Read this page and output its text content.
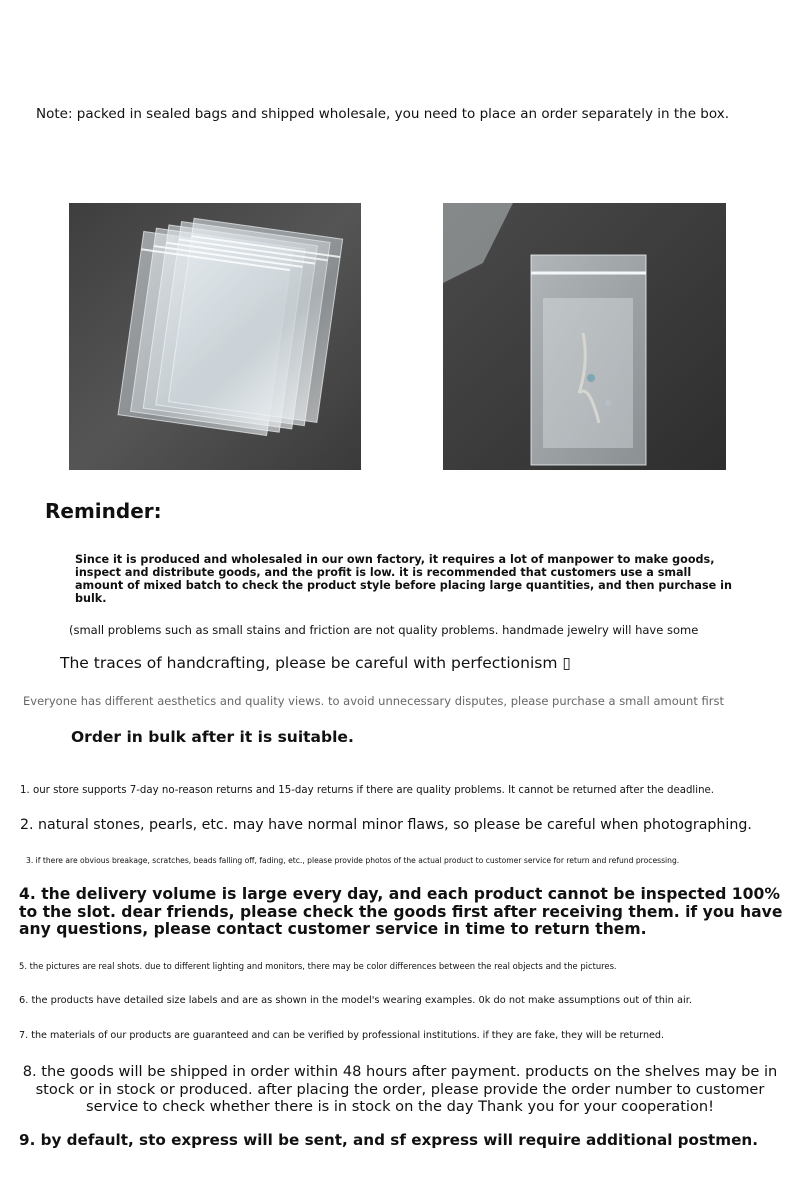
Note: packed in sealed bags and shipped wholesale, you need to place an order separately in the box.

Reminder:

Since it is produced and wholesaled in our own factory, it requires a lot of manpower to make goods, inspect and distribute goods, and the profit is low. it is recommended that customers use a small amount of mixed batch to check the product style before placing large quantities, and then purchase in bulk.

(small problems such as small stains and friction are not quality problems. handmade jewelry will have some

The traces of handcrafting, please be careful with perfectionism ▯

Everyone has different aesthetics and quality views. to avoid unnecessary disputes, please purchase a small amount first

Order in bulk after it is suitable.

1. our store supports 7-day no-reason returns and 15-day returns if there are quality problems. It cannot be returned after the deadline.

2. natural stones, pearls, etc. may have normal minor flaws, so please be careful when photographing.

3. if there are obvious breakage, scratches, beads falling off, fading, etc., please provide photos of the actual product to customer service for return and refund processing.

4. the delivery volume is large every day, and each product cannot be inspected 100% to the slot. dear friends, please check the goods first after receiving them. if you have any questions, please contact customer service in time to return them.

5. the pictures are real shots. due to different lighting and monitors, there may be color differences between the real objects and the pictures.

6. the products have detailed size labels and are as shown in the model's wearing examples. 0k do not make assumptions out of thin air.

7. the materials of our products are guaranteed and can be verified by professional institutions. if they are fake, they will be returned.

8. the goods will be shipped in order within 48 hours after payment. products on the shelves may be in stock or in stock or produced. after placing the order, please provide the order number to customer service to check whether there is in stock on the day Thank you for your cooperation!

9. by default, sto express will be sent, and sf express will require additional postmen.
